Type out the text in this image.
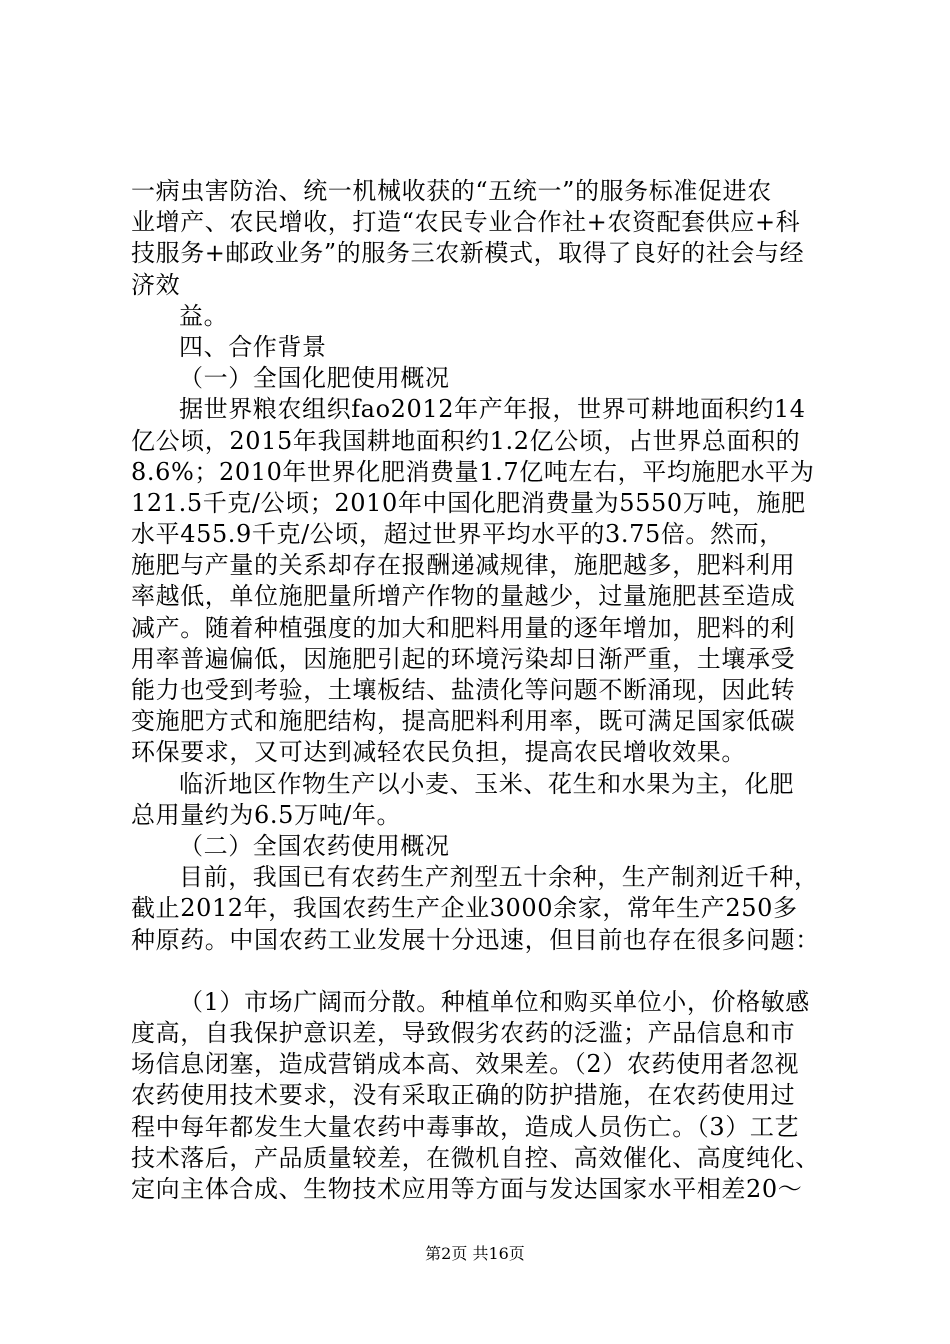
一病虫害防治、统一机械收获的“五统一”的服务标准促进农
业增产、农民增收，打造“农民专业合作社+农资配套供应+科
技服务+邮政业务”的服务三农新模式，取得了良好的社会与经
济效
益。
四、合作背景
（一）全国化肥使用概况
据世界粮农组织fao2012年产年报，世界可耕地面积约14
亿公顷，2015年我国耕地面积约1.2亿公顷，占世界总面积的
8.6%；2010年世界化肥消费量1.7亿吨左右，平均施肥水平为
121.5千克/公顷；2010年中国化肥消费量为5550万吨，施肥
水平455.9千克/公顷，超过世界平均水平的3.75倍。然而，
施肥与产量的关系却存在报酬递减规律，施肥越多，肥料利用
率越低，单位施肥量所增产作物的量越少，过量施肥甚至造成
减产。随着种植强度的加大和肥料用量的逐年增加，肥料的利
用率普遍偏低，因施肥引起的环境污染却日渐严重，土壤承受
能力也受到考验，土壤板结、盐渍化等问题不断涌现，因此转
变施肥方式和施肥结构，提高肥料利用率，既可满足国家低碳
环保要求，又可达到减轻农民负担，提高农民增收效果。
临沂地区作物生产以小麦、玉米、花生和水果为主，化肥
总用量约为6.5万吨/年。
（二）全国农药使用概况
目前，我国已有农药生产剂型五十余种，生产制剂近千种，
截止2012年，我国农药生产企业3000余家，常年生产250多
种原药。中国农药工业发展十分迅速，但目前也存在很多问题：
（1）市场广阔而分散。种植单位和购买单位小，价格敏感
度高，自我保护意识差，导致假劣农药的泛滥；产品信息和市
场信息闭塞，造成营销成本高、效果差。（2）农药使用者忽视
农药使用技术要求，没有采取正确的防护措施，在农药使用过
程中每年都发生大量农药中毒事故，造成人员伤亡。（3）工艺
技术落后，产品质量较差，在微机自控、高效催化、高度纯化、
定向主体合成、生物技术应用等方面与发达国家水平相差20～
第2页 共16页
